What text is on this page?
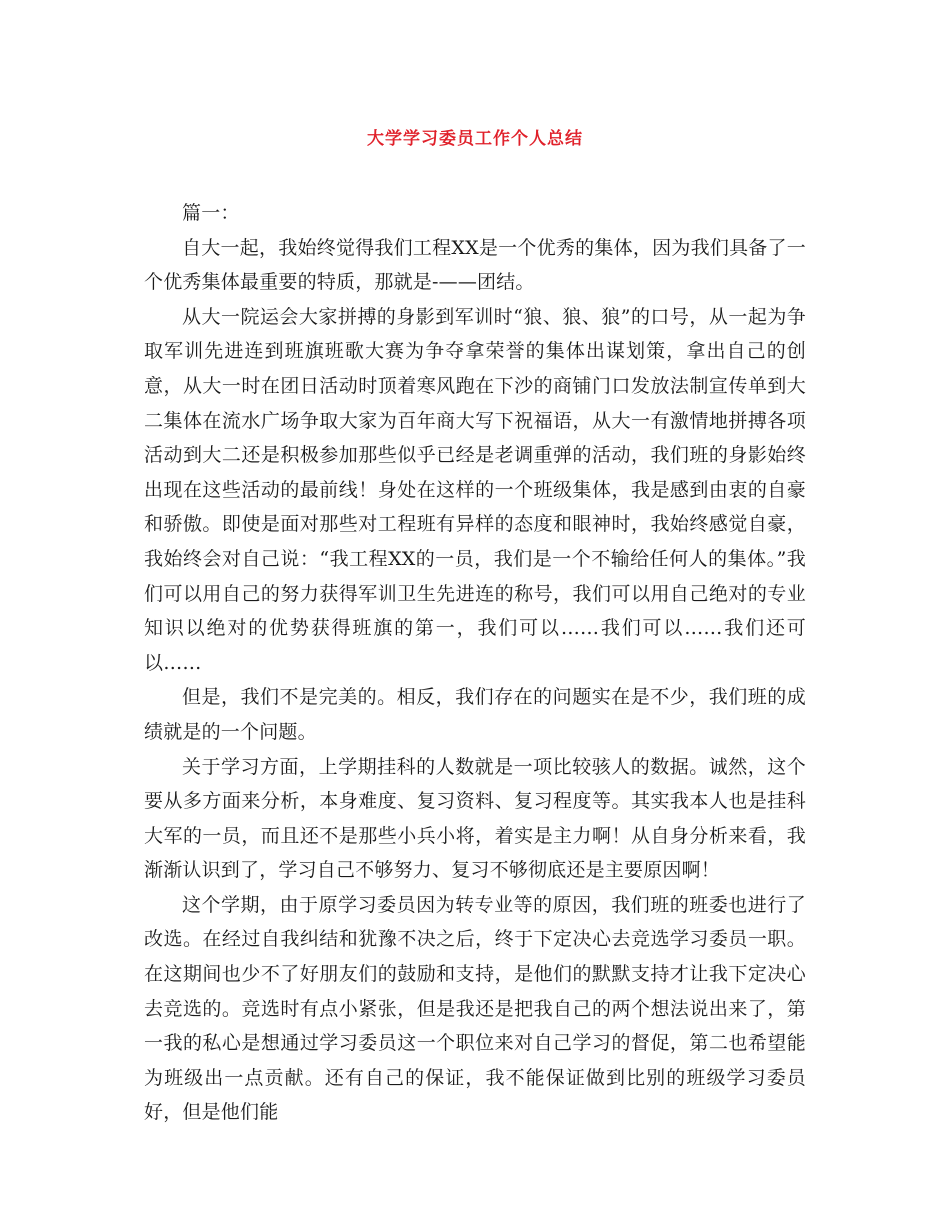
大学学习委员工作个人总结

篇一：

自大一起，我始终觉得我们工程XX是一个优秀的集体，因为我们具备了一个优秀集体最重要的特质，那就是-——团结。

从大一院运会大家拼搏的身影到军训时“狼、狼、狼”的口号，从一起为争取军训先进连到班旗班歌大赛为争夺拿荣誉的集体出谋划策，拿出自己的创意，从大一时在团日活动时顶着寒风跑在下沙的商铺门口发放法制宣传单到大二集体在流水广场争取大家为百年商大写下祝福语，从大一有激情地拼搏各项活动到大二还是积极参加那些似乎已经是老调重弹的活动，我们班的身影始终出现在这些活动的最前线！身处在这样的一个班级集体，我是感到由衷的自豪和骄傲。即使是面对那些对工程班有异样的态度和眼神时，我始终感觉自豪，我始终会对自己说：“我工程XX的一员，我们是一个不输给任何人的集体。”我们可以用自己的努力获得军训卫生先进连的称号，我们可以用自己绝对的专业知识以绝对的优势获得班旗的第一，我们可以……我们可以……我们还可以……

但是，我们不是完美的。相反，我们存在的问题实在是不少，我们班的成绩就是的一个问题。

关于学习方面，上学期挂科的人数就是一项比较骇人的数据。诚然，这个要从多方面来分析，本身难度、复习资料、复习程度等。其实我本人也是挂科大军的一员，而且还不是那些小兵小将，着实是主力啊！从自身分析来看，我渐渐认识到了，学习自己不够努力、复习不够彻底还是主要原因啊！

这个学期，由于原学习委员因为转专业等的原因，我们班的班委也进行了改选。在经过自我纠结和犹豫不决之后，终于下定决心去竞选学习委员一职。在这期间也少不了好朋友们的鼓励和支持，是他们的默默支持才让我下定决心去竞选的。竞选时有点小紧张，但是我还是把我自己的两个想法说出来了，第一我的私心是想通过学习委员这一个职位来对自己学习的督促，第二也希望能为班级出一点贡献。还有自己的保证，我不能保证做到比别的班级学习委员好，但是他们能
